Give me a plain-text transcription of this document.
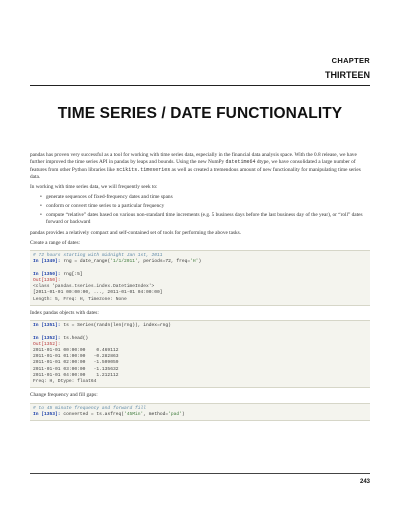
CHAPTER
THIRTEEN
TIME SERIES / DATE FUNCTIONALITY

pandas has proven very successful as a tool for working with time series data, especially in the financial data analysis space. With the 0.8 release, we have further improved the time series API in pandas by leaps and bounds. Using the new NumPy datetime64 dtype, we have consolidated a large number of features from other Python libraries like scikits.timeseries as well as created a tremendous amount of new functionality for manipulating time series data.

In working with time series data, we will frequently seek to:

• generate sequences of fixed-frequency dates and time spans
• conform or convert time series to a particular frequency
• compute “relative” dates based on various non-standard time increments (e.g. 5 business days before the last business day of the year), or “roll” dates forward or backward

pandas provides a relatively compact and self-contained set of tools for performing the above tasks.

Create a range of dates:

# 72 hours starting with midnight Jan 1st, 2011
In [1349]: rng = date_range('1/1/2011', periods=72, freq='H')

In [1350]: rng[:5]
Out[1350]:
<class 'pandas.tseries.index.DatetimeIndex'>
[2011-01-01 00:00:00, ..., 2011-01-01 04:00:00]
Length: 5, Freq: H, Timezone: None

Index pandas objects with dates:

In [1351]: ts = Series(randn(len(rng)), index=rng)

In [1352]: ts.head()
Out[1352]:
2011-01-01 00:00:00    0.469112
2011-01-01 01:00:00   -0.282863
2011-01-01 02:00:00   -1.509059
2011-01-01 03:00:00   -1.135632
2011-01-01 04:00:00    1.212112
Freq: H, Dtype: float64

Change frequency and fill gaps:

# to 45 minute frequency and forward fill
In [1353]: converted = ts.asfreq('45Min', method='pad')
243
